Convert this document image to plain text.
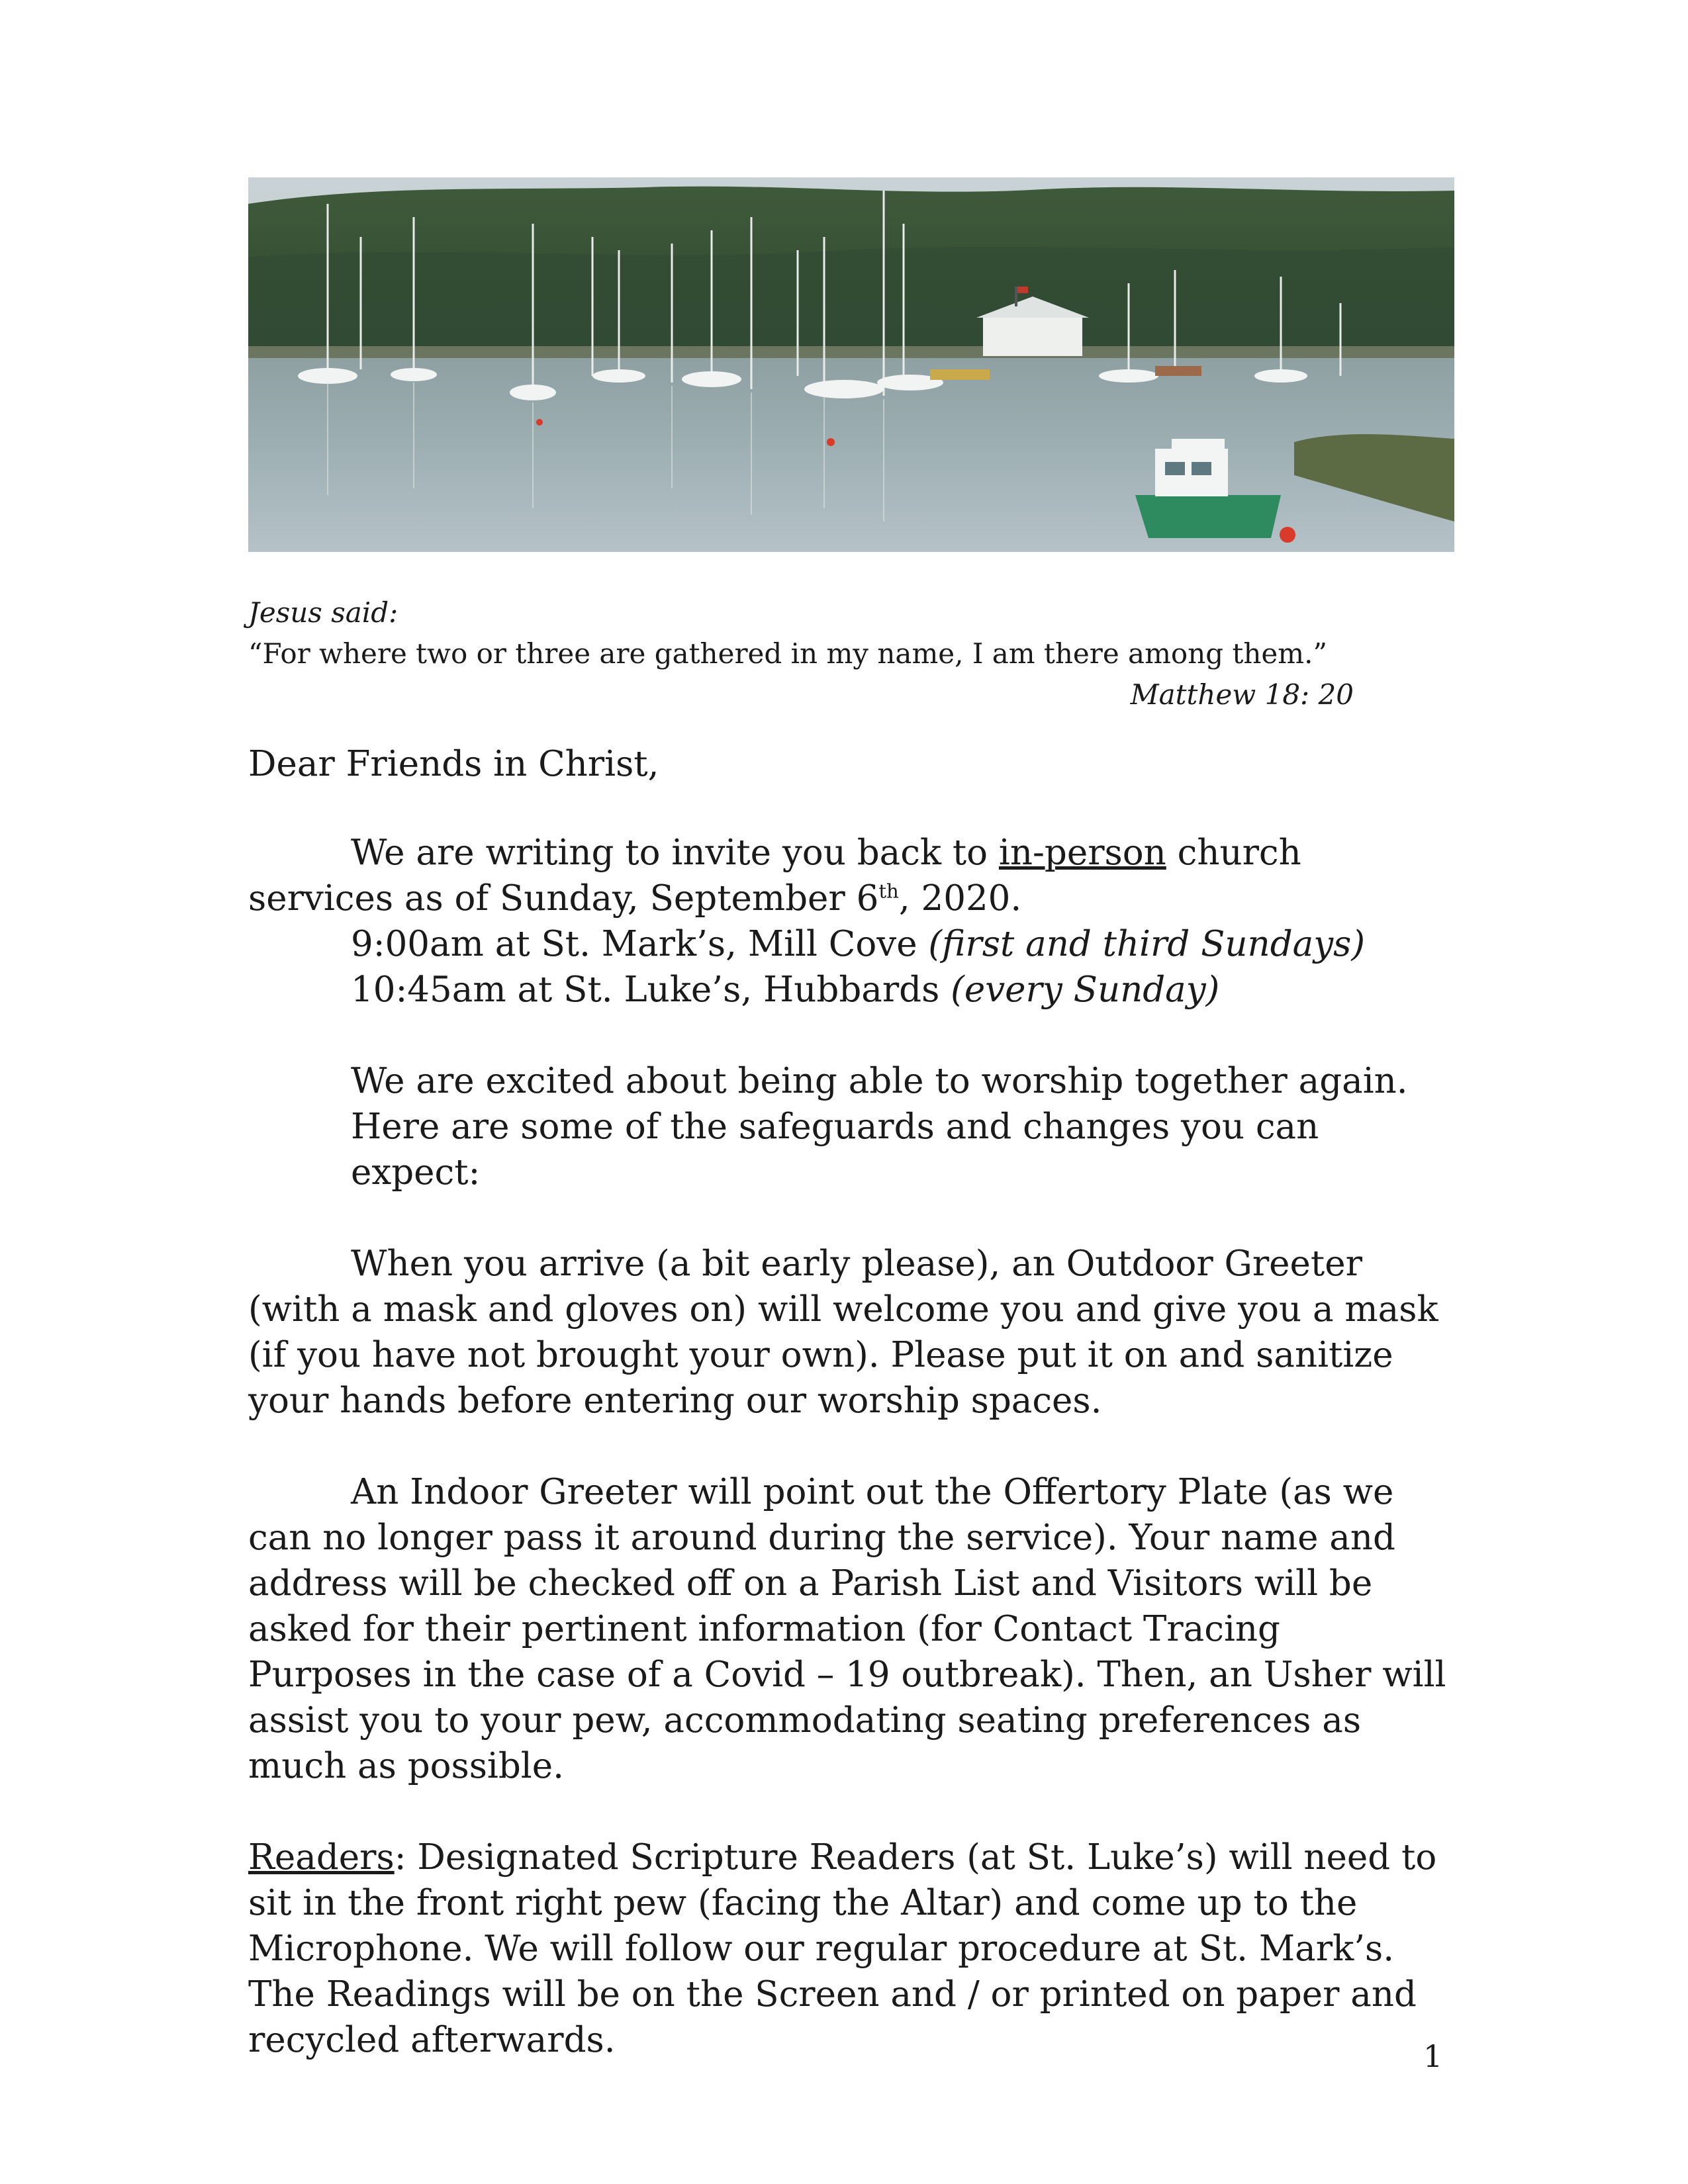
Jesus said:
“For where two or three are gathered in my name, I am there among them.”
Matthew 18: 20

Dear Friends in Christ,

We are writing to invite you back to in-person church services as of Sunday, September 6th, 2020.

9:00am at St. Mark’s, Mill Cove (first and third Sundays)

10:45am at St. Luke’s, Hubbards (every Sunday)

We are excited about being able to worship together again.

Here are some of the safeguards and changes you can expect:

When you arrive (a bit early please), an Outdoor Greeter (with a mask and gloves on) will welcome you and give you a mask (if you have not brought your own). Please put it on and sanitize your hands before entering our worship spaces.

An Indoor Greeter will point out the Offertory Plate (as we can no longer pass it around during the service). Your name and address will be checked off on a Parish List and Visitors will be asked for their pertinent information (for Contact Tracing Purposes in the case of a Covid – 19 outbreak). Then, an Usher will assist you to your pew, accommodating seating preferences as much as possible.

Readers: Designated Scripture Readers (at St. Luke’s) will need to sit in the front right pew (facing the Altar) and come up to the Microphone. We will follow our regular procedure at St. Mark’s. The Readings will be on the Screen and / or printed on paper and recycled afterwards.	1
